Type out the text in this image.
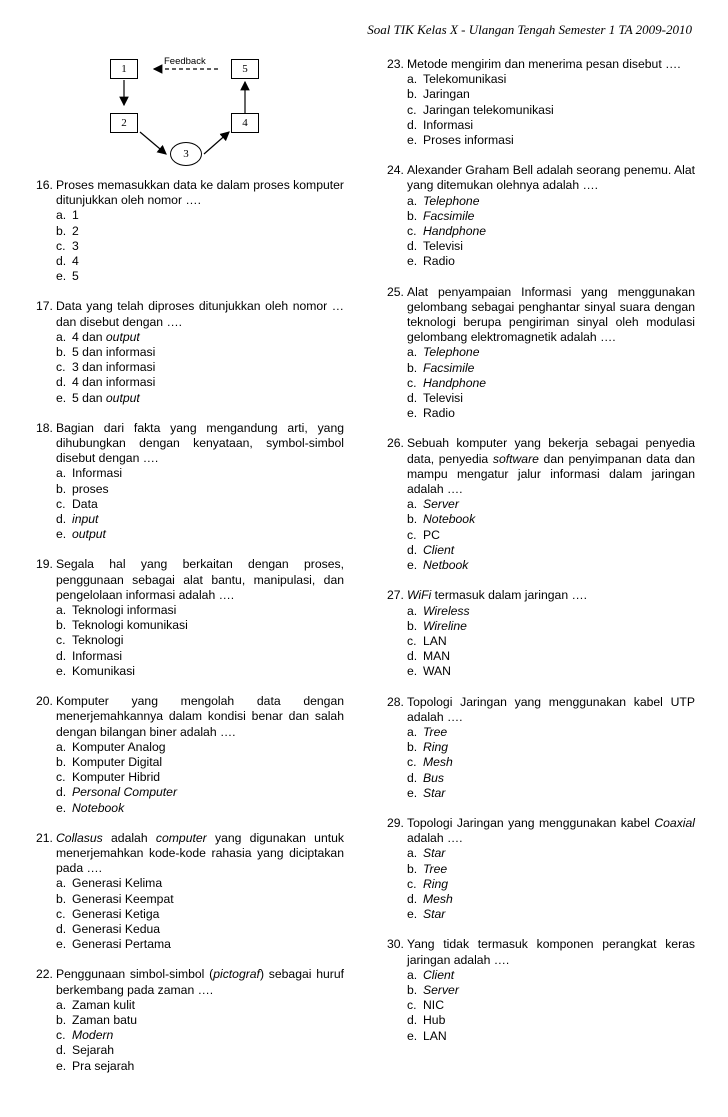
Soal TIK Kelas X - Ulangan Tengah Semester 1 TA 2009-2010
1
2
3
4
5
Feedback
16. Proses memasukkan data ke dalam proses komputer ditunjukkan oleh nomor ….
a. 1
b. 2
c. 3
d. 4
e. 5
17. Data yang telah diproses ditunjukkan oleh nomor … dan disebut dengan ….
a. 4 dan output
b. 5 dan informasi
c. 3 dan informasi
d. 4 dan informasi
e. 5 dan output
18. Bagian dari fakta yang mengandung arti, yang dihubungkan dengan kenyataan, symbol-simbol disebut dengan ….
a. Informasi
b. proses
c. Data
d. input
e. output
19. Segala hal yang berkaitan dengan proses, penggunaan sebagai alat bantu, manipulasi, dan pengelolaan informasi adalah ….
a. Teknologi informasi
b. Teknologi komunikasi
c. Teknologi
d. Informasi
e. Komunikasi
20. Komputer yang mengolah data dengan menerjemahkannya dalam kondisi benar dan salah dengan bilangan biner adalah ….
a. Komputer Analog
b. Komputer Digital
c. Komputer Hibrid
d. Personal Computer
e. Notebook
21. Collasus adalah computer yang digunakan untuk menerjemahkan kode-kode rahasia yang diciptakan pada ….
a. Generasi Kelima
b. Generasi Keempat
c. Generasi Ketiga
d. Generasi Kedua
e. Generasi Pertama
22. Penggunaan simbol-simbol (pictograf) sebagai huruf berkembang pada zaman ….
a. Zaman kulit
b. Zaman batu
c. Modern
d. Sejarah
e. Pra sejarah
23. Metode mengirim dan menerima pesan disebut ….
a. Telekomunikasi
b. Jaringan
c. Jaringan telekomunikasi
d. Informasi
e. Proses informasi
24. Alexander Graham Bell adalah seorang penemu. Alat yang ditemukan olehnya adalah ….
a. Telephone
b. Facsimile
c. Handphone
d. Televisi
e. Radio
25. Alat penyampaian Informasi yang menggunakan gelombang sebagai penghantar sinyal suara dengan teknologi berupa pengiriman sinyal oleh modulasi gelombang elektromagnetik adalah ….
a. Telephone
b. Facsimile
c. Handphone
d. Televisi
e. Radio
26. Sebuah komputer yang bekerja sebagai penyedia data, penyedia software dan penyimpanan data dan mampu mengatur jalur informasi dalam jaringan adalah ….
a. Server
b. Notebook
c. PC
d. Client
e. Netbook
27. WiFi termasuk dalam jaringan ….
a. Wireless
b. Wireline
c. LAN
d. MAN
e. WAN
28. Topologi Jaringan yang menggunakan kabel UTP adalah ….
a. Tree
b. Ring
c. Mesh
d. Bus
e. Star
29. Topologi Jaringan yang menggunakan kabel Coaxial adalah ….
a. Star
b. Tree
c. Ring
d. Mesh
e. Star
30. Yang tidak termasuk komponen perangkat keras jaringan adalah ….
a. Client
b. Server
c. NIC
d. Hub
e. LAN
